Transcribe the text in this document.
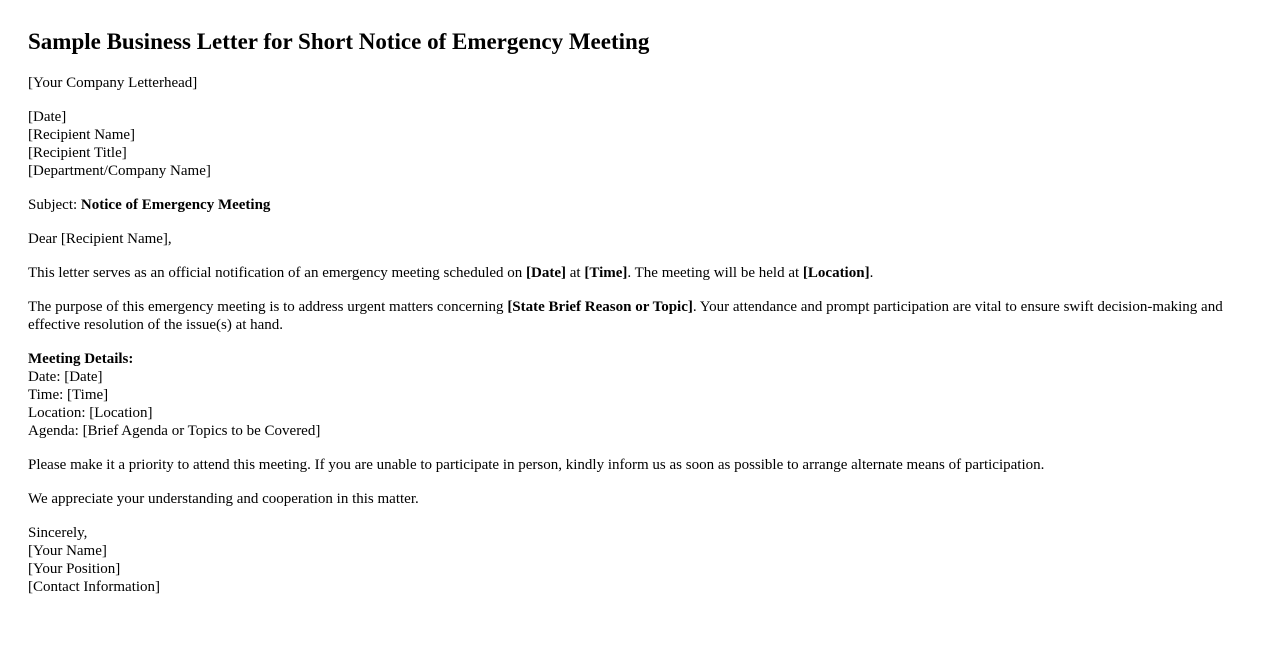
Sample Business Letter for Short Notice of Emergency Meeting

[Your Company Letterhead]

[Date]
[Recipient Name]
[Recipient Title]
[Department/Company Name]

Subject: Notice of Emergency Meeting

Dear [Recipient Name],

This letter serves as an official notification of an emergency meeting scheduled on [Date] at [Time]. The meeting will be held at [Location].

The purpose of this emergency meeting is to address urgent matters concerning [State Brief Reason or Topic]. Your attendance and prompt participation are vital to ensure swift decision-making and effective resolution of the issue(s) at hand.

Meeting Details:
Date: [Date]
Time: [Time]
Location: [Location]
Agenda: [Brief Agenda or Topics to be Covered]

Please make it a priority to attend this meeting. If you are unable to participate in person, kindly inform us as soon as possible to arrange alternate means of participation.

We appreciate your understanding and cooperation in this matter.

Sincerely,
[Your Name]
[Your Position]
[Contact Information]
